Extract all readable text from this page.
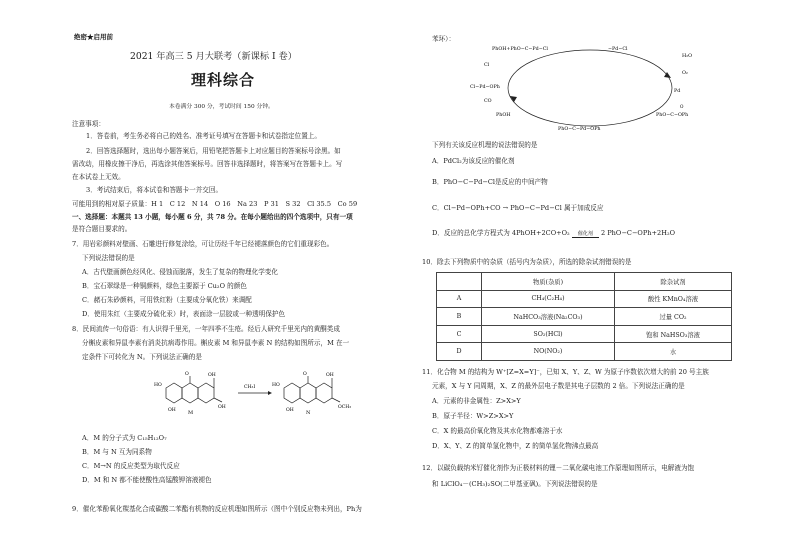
绝密★启用前
2021 年高三 5 月大联考（新课标 I 卷）
理科综合
本卷满分 300 分，考试时间 150 分钟。
注意事项：
1．答卷前，考生务必将自己的姓名、准考证号填写在答题卡和试卷指定位置上。
2．回答选择题时，选出每小题答案后，用铅笔把答题卡上对应题目的答案标号涂黑。如
需改动，用橡皮擦干净后，再选涂其他答案标号。回答非选择题时，将答案写在答题卡上。写
在本试卷上无效。
3．考试结束后，将本试卷和答题卡一并交回。
可能用到的相对原子质量：H 1　C 12　N 14　O 16　Na 23　P 31　S 32　Cl 35.5　Co 59
一、选择题：本题共 13 小题，每小题 6 分，共 78 分。在每小题给出的四个选项中，只有一项
是符合题目要求的。
7．用岩彩颜料对壁画、石雕进行修复涂绘，可让历经千年已经褪落颜色的它们重现彩色。
下列说法错误的是
A．古代壁画颜色经风化、侵蚀而脱落，发生了复杂的物理化学变化
B．宝石翠绿是一种铜颜料，绿色主要源于 Cu₂O 的颜色
C．赭石朱砂颜料，可用铁红粉（主要成分氧化铁）来调配
D．使用朱红（主要成分硫化汞）时，表面涂一层胶或一种透明保护色
8．民间流传一句俗语：有人识得千里光，一年四季不生疮。经后人研究千里光内的黄酮类成
分槲皮素和异鼠李素有消炎抗病毒作用。槲皮素 M 和异鼠李素 N 的结构如图所示，M 在一
定条件下可转化为 N。下列说法正确的是
HO
O	OH
OH
OH M
CH₃I	HO
O	OH
OCH₃
OH N
A．M 的分子式为 C₁₅H₁₂O₇
B．M 与 N 互为同系物
C．M→N 的反应类型为取代反应
D．M 和 N 都不能使酸性高锰酸钾溶液褪色
9．催化苯酚氧化羰基化合成碳酸二苯酯有机物的反应机理如图所示（图中个别反应物未列出，Ph为
苯环）：
PhOH+PhO−C−Pd−Cl	−Pd−Cl
H₂O
O₂
Pd
PhO−C−OPh
PhO−C−Pd−OPh
Cl−Pd−OPh
CO
Cl
PhOH
O
下列有关该反应机理的说法错误的是
A．PdCl₂为该反应的催化剂
B．PhO−C−Pd−Cl是反应的中间产物
C．Cl−Pd−OPh+CO → PhO−C−Pd−Cl 属于加成反应
D．反应的总化学方程式为 4PhOH+2CO+O₂ 催化剂 2 PhO−C−OPh+2H₂O
10．除去下列物质中的杂质（括号内为杂质），所选的除杂试剂错误的是
	物质(杂质)	除杂试剂
A	CH₄(C₂H₄)	酸性 KMnO₄溶液
B	NaHCO₃溶液(Na₂CO₃)	过量 CO₂
C	SO₂(HCl)	饱和 NaHSO₃溶液
D	NO(NO₂)	水
11．化合物 M 的结构为 W⁺[Z=X=Y]⁻，已知 X、Y、Z、W 为原子序数依次增大的前 20 号主族
元素，X 与 Y 同周期，X、Z 的最外层电子数是其电子层数的 2 倍。下列说法正确的是
A．元素的非金属性：Z>X>Y
B．原子半径：W>Z>X>Y
C．X 的最高价氧化物及其水化物都难溶于水
D．X、Y、Z 的简单氢化物中，Z 的简单氢化物沸点最高
12．以碳负载纳米钌催化剂作为正极材料的锂－二氧化碳电池工作原理如图所示，电解液为饱
和 LiClO₄－(CH₃)₂SO(二甲基亚砜)。下列说法错误的是
